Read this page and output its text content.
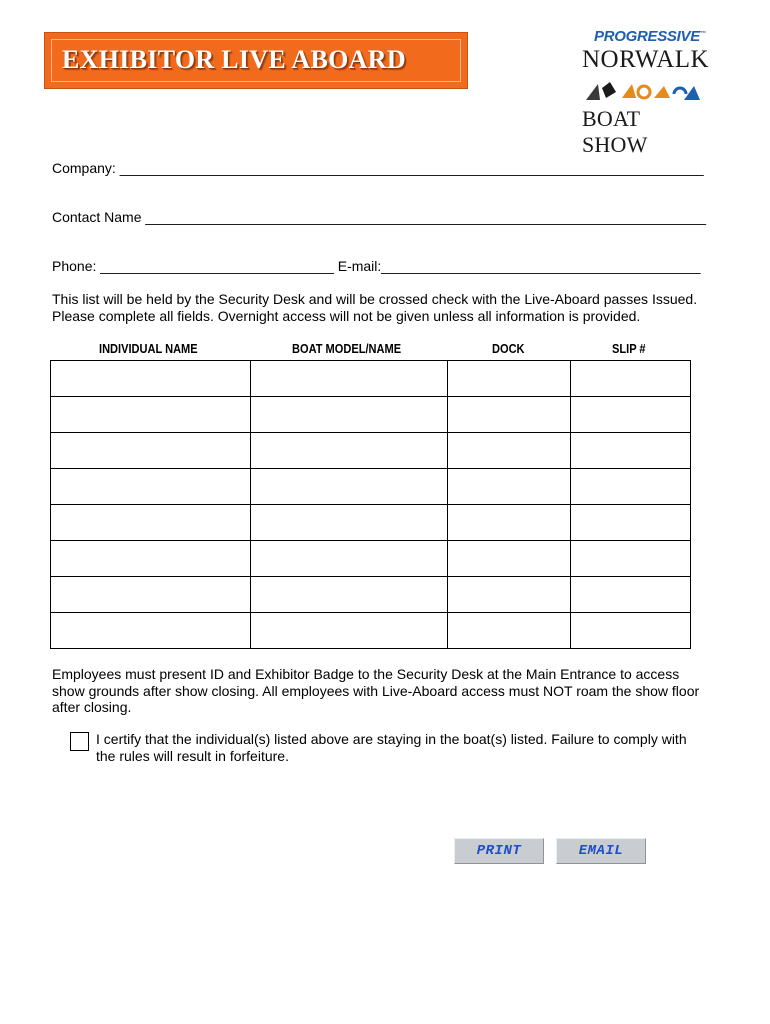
EXHIBITOR LIVE ABOARD
PROGRESSIVE™
NORWALK
BOAT SHOW
Company: ___________________________________________________________________________
Contact Name ________________________________________________________________________
Phone: ______________________________ E-mail:_________________________________________
This list will be held by the Security Desk and will be crossed check with the Live-Aboard passes Issued. Please complete all fields. Overnight access will not be given unless all information is provided.
INDIVIDUAL NAME	BOAT MODEL/NAME	DOCK	SLIP #

Employees must present ID and Exhibitor Badge to the Security Desk at the Main Entrance to access show grounds after show closing. All employees with Live-Aboard access must NOT roam the show floor after closing.
I certify that the individual(s) listed above are staying in the boat(s) listed. Failure to comply with the rules will result in forfeiture.
PRINT	EMAIL
